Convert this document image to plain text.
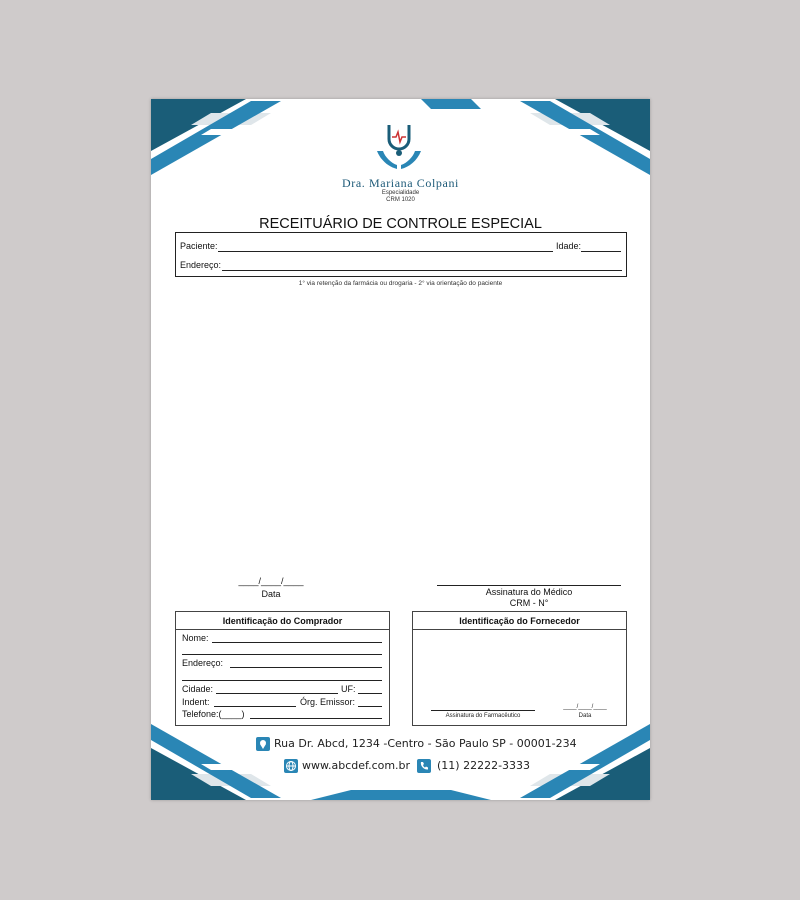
Dra. Mariana Colpani
Especialidade
CRM 1020
RECEITUÁRIO DE CONTROLE ESPECIAL
Paciente:	Idade:
Endereço:
1° via retenção da farmácia ou drogaria - 2° via orientação do paciente
____/____/____
Data	Assinatura do Médico
CRM - N°
Identificação do Comprador
Nome:
Endereço:
Cidade:	UF:
Indent:	Órg. Emissor:
Telefone:(____)
Identificação do Fornecedor
Assinatura do Farmacêutico
____/____/____
Data
Rua Dr. Abcd, 1234 -Centro - São Paulo SP - 00001-234
www.abcdef.com.br (11) 22222-3333
